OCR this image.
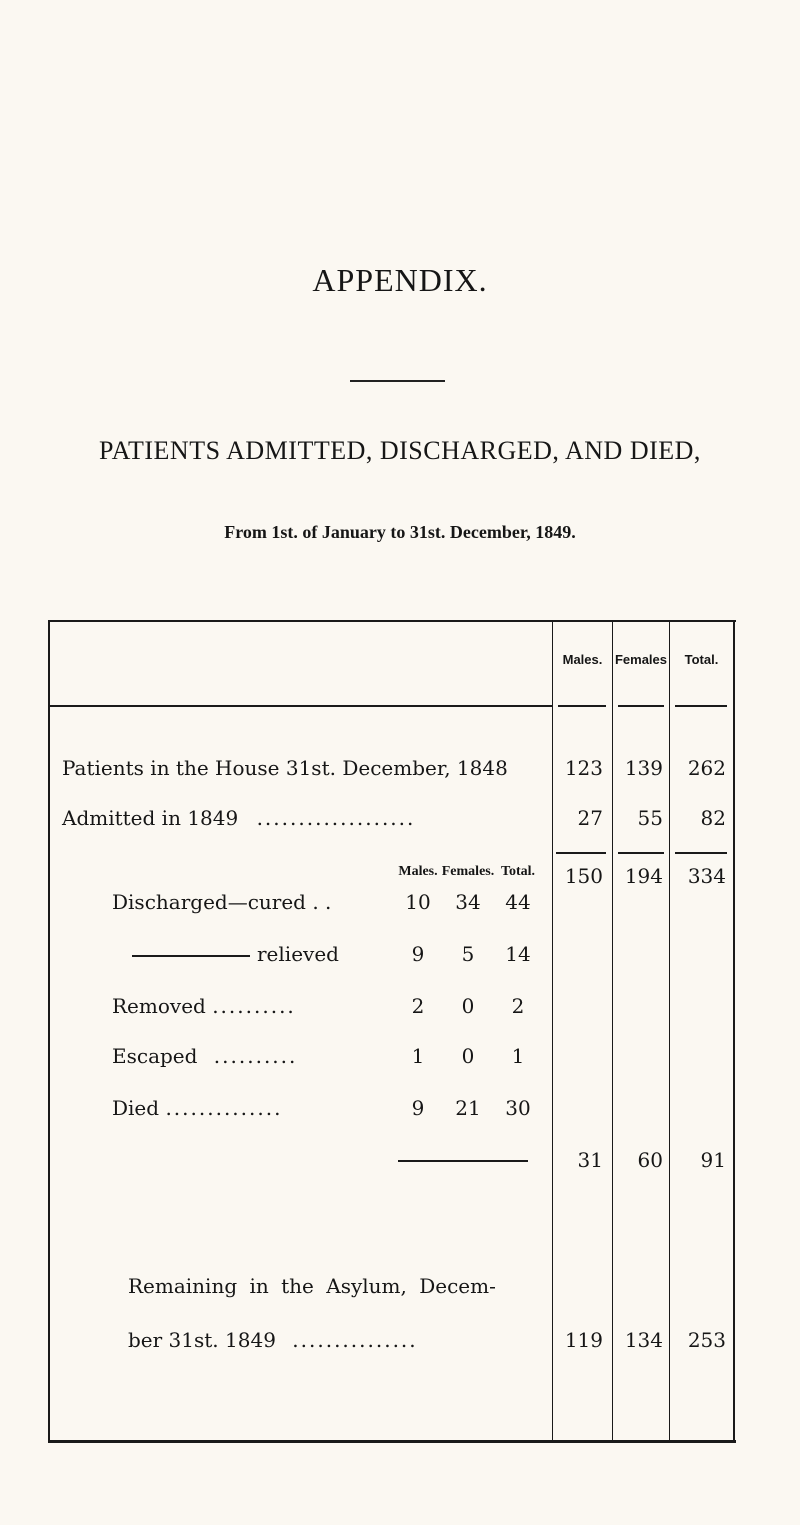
APPENDIX.
PATIENTS ADMITTED, DISCHARGED, AND DIED,
From 1st. of January to 31st. December, 1849.
Males. Females	Total.
Patients in the House 31st. December, 1848	123	139	262
Admitted in 1849 ...................	27	55	82
150	194	334
Males. Females. Total.
Discharged—cured . .	10	34	44
relieved	9	5	14
Removed ..........	2	0	2
Escaped ..........	1	0	1
Died ..............	9	21	30
31	60	91
Remaining in the Asylum, Decem-
ber 31st. 1849 ...............	119	134	253
